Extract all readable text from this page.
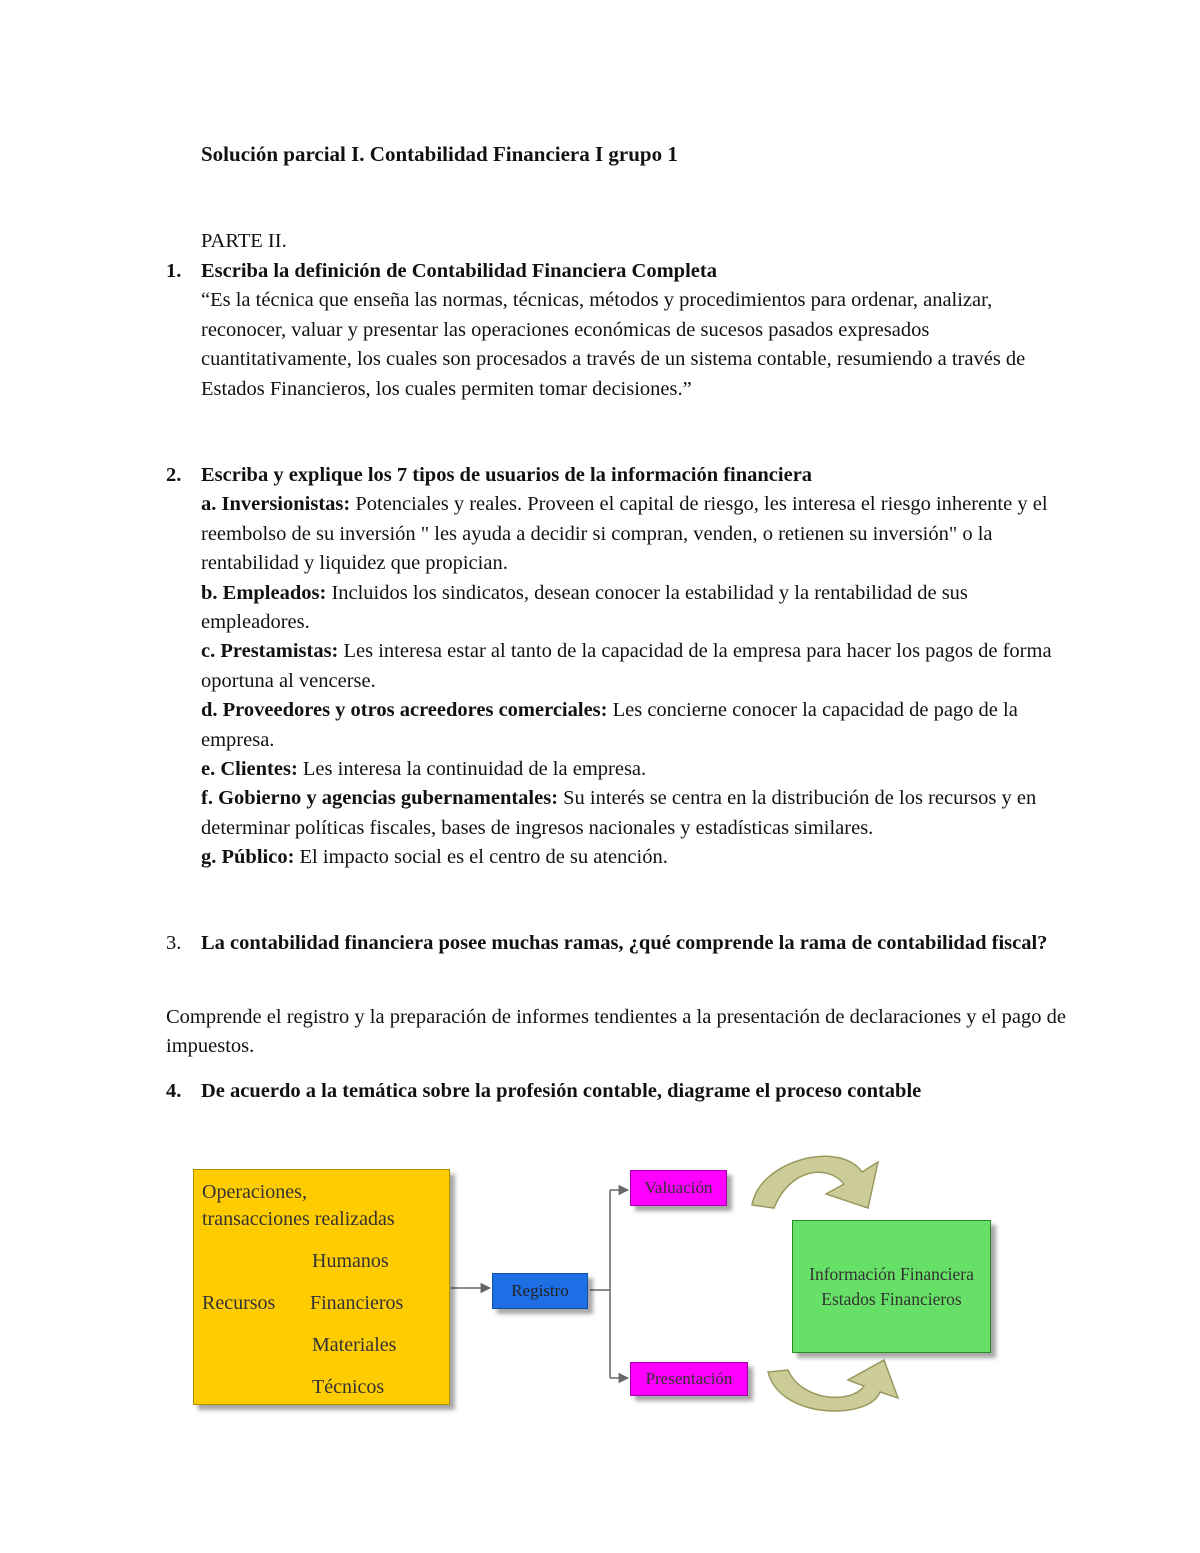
Solución parcial I. Contabilidad Financiera I grupo 1
PARTE II.
1. Escriba la definición de Contabilidad Financiera Completa

“Es la técnica que enseña las normas, técnicas, métodos y procedimientos para ordenar, analizar, reconocer, valuar y presentar las operaciones económicas de sucesos pasados expresados cuantitativamente, los cuales son procesados a través de un sistema contable, resumiendo a través de Estados Financieros, los cuales permiten tomar decisiones.”

2. Escriba y explique los 7 tipos de usuarios de la información financiera

a. Inversionistas: Potenciales y reales. Proveen el capital de riesgo, les interesa el riesgo inherente y el reembolso de su inversión " les ayuda a decidir si compran, venden, o retienen su inversión" o la rentabilidad y liquidez que propician.

b. Empleados: Incluidos los sindicatos, desean conocer la estabilidad y la rentabilidad de sus empleadores.

c. Prestamistas: Les interesa estar al tanto de la capacidad de la empresa para hacer los pagos de forma oportuna al vencerse.

d. Proveedores y otros acreedores comerciales: Les concierne conocer la capacidad de pago de la empresa.

e. Clientes: Les interesa la continuidad de la empresa.

f. Gobierno y agencias gubernamentales: Su interés se centra en la distribución de los recursos y en determinar políticas fiscales, bases de ingresos nacionales y estadísticas similares.

g. Público: El impacto social es el centro de su atención.

3. La contabilidad financiera posee muchas ramas, ¿qué comprende la rama de contabilidad fiscal?

Comprende el registro y la preparación de informes tendientes a la presentación de declaraciones y el pago de impuestos.

4. De acuerdo a la temática sobre la profesión contable, diagrame el proceso contable

Operaciones,
transacciones realizadas
Humanos
Recursos Financieros
Materiales
Técnicos
Registro
Valuación
Presentación
Información Financiera
Estados Financieros
